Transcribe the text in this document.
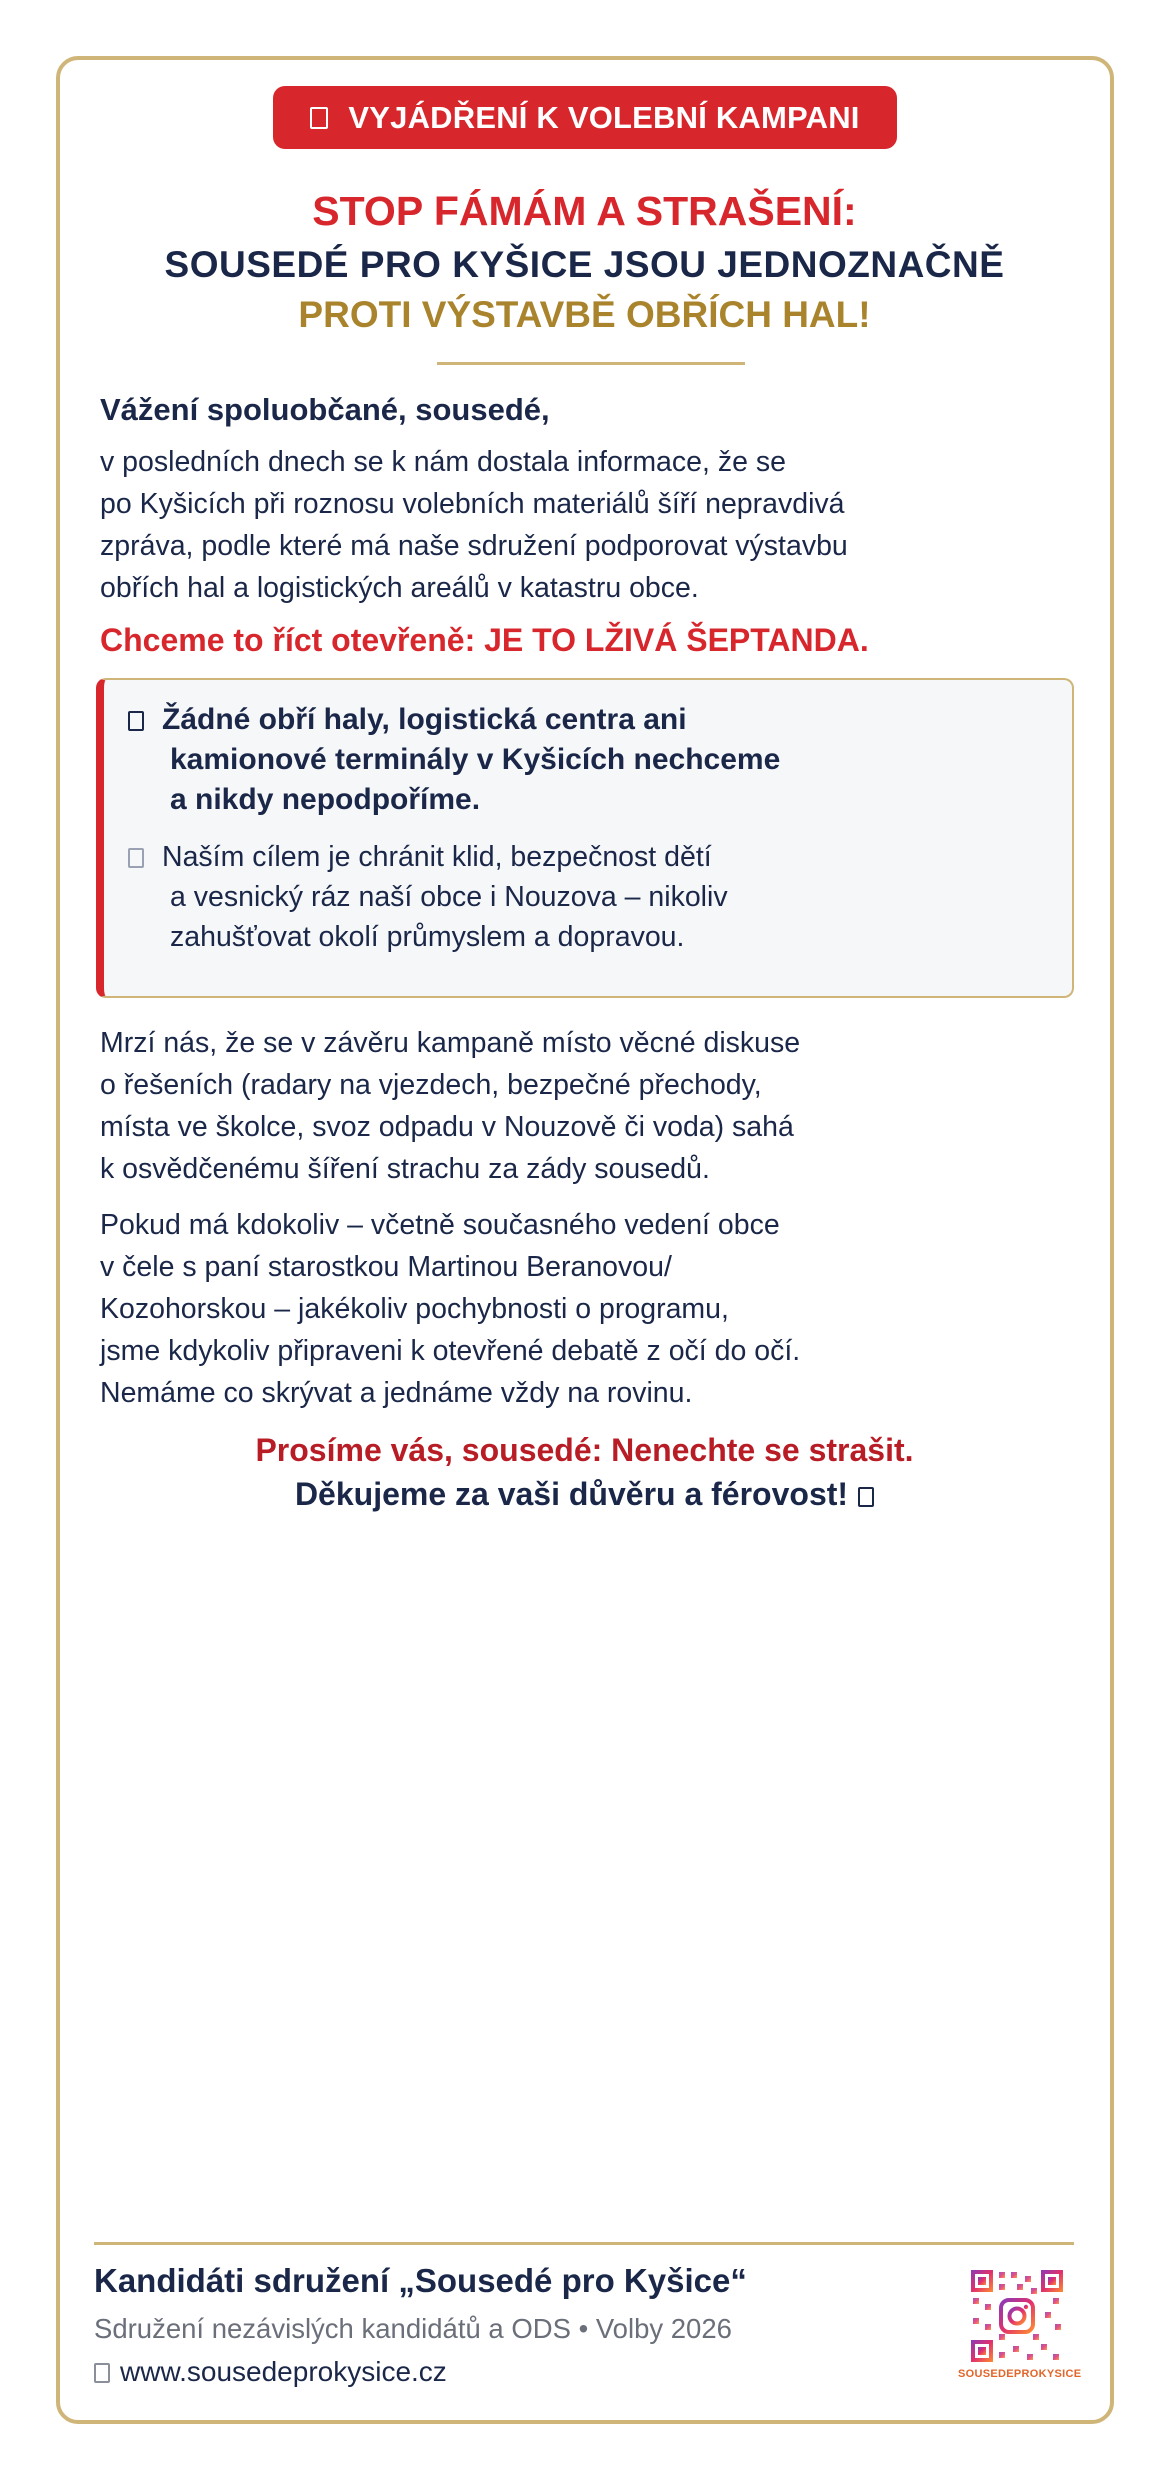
VYJÁDŘENÍ K VOLEBNÍ KAMPANI
STOP FÁMÁM A STRAŠENÍ:
SOUSEDÉ PRO KYŠICE JSOU JEDNOZNAČNĚ
PROTI VÝSTAVBĚ OBŘÍCH HAL!
Vážení spoluobčané, sousedé,
v posledních dnech se k nám dostala informace, že se
po Kyšicích při roznosu volebních materiálů šíří nepravdivá
zpráva, podle které má naše sdružení podporovat výstavbu
obřích hal a logistických areálů v katastru obce.
Chceme to říct otevřeně: JE TO LŽIVÁ ŠEPTANDA.
Žádné obří haly, logistická centra ani
kamionové terminály v Kyšicích nechceme
a nikdy nepodpoříme.
Naším cílem je chránit klid, bezpečnost dětí
a vesnický ráz naší obce i Nouzova – nikoliv
zahušťovat okolí průmyslem a dopravou.
Mrzí nás, že se v závěru kampaně místo věcné diskuse
o řešeních (radary na vjezdech, bezpečné přechody,
místa ve školce, svoz odpadu v Nouzově či voda) sahá
k osvědčenému šíření strachu za zády sousedů.
Pokud má kdokoliv – včetně současného vedení obce
v čele s paní starostkou Martinou Beranovou/
Kozohorskou – jakékoliv pochybnosti o programu,
jsme kdykoliv připraveni k otevřené debatě z očí do očí.
Nemáme co skrývat a jednáme vždy na rovinu.
Prosíme vás, sousedé: Nenechte se strašit.
Děkujeme za vaši důvěru a férovost!
Kandidáti sdružení „Sousedé pro Kyšice“
Sdružení nezávislých kandidátů a ODS • Volby 2026
www.sousedeprokysice.cz	SOUSEDEPROKYSICE
